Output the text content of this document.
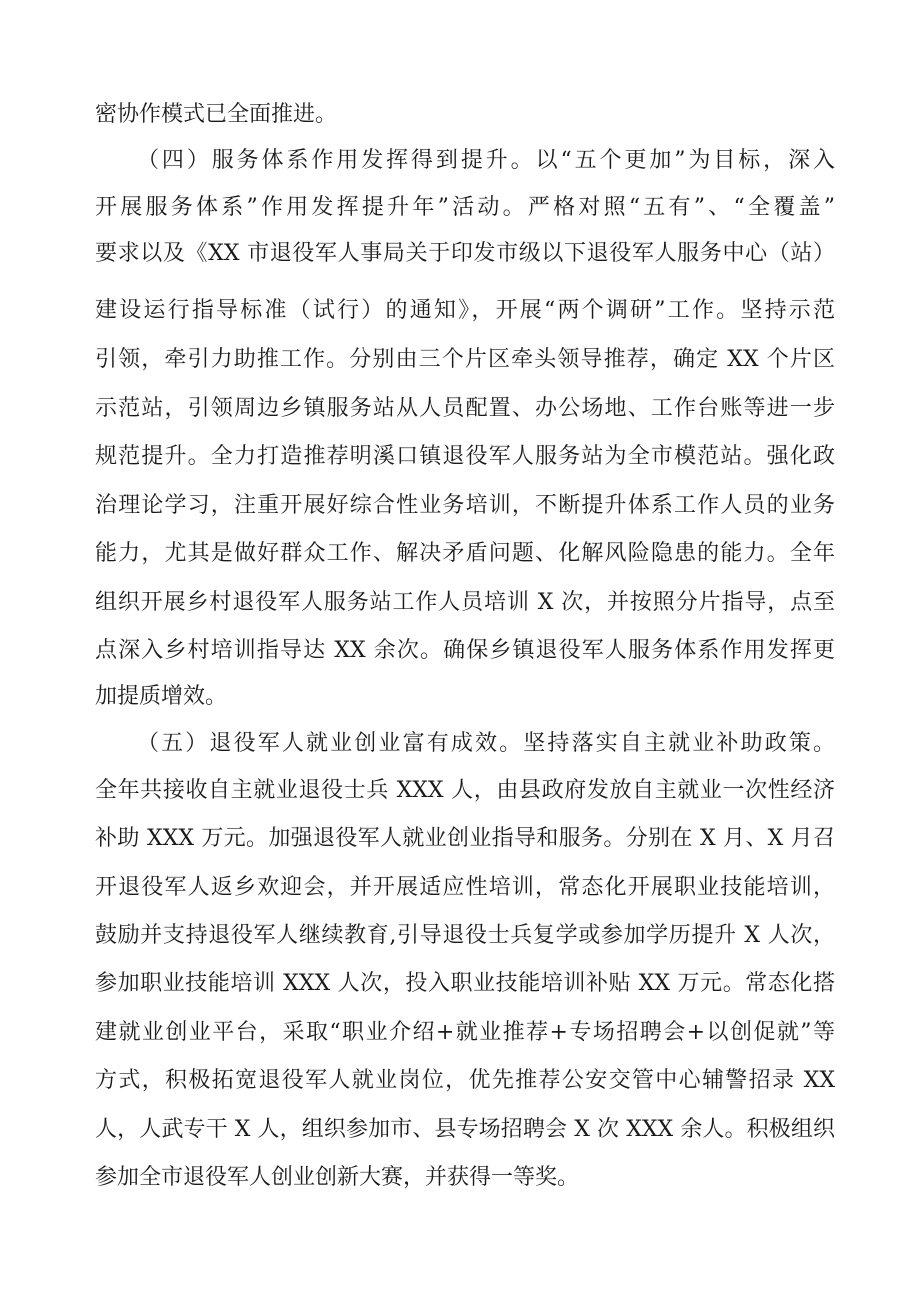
密协作模式已全面推进。
（四）服务体系作用发挥得到提升。以“五个更加”为目标，深入
开展服务体系”作用发挥提升年”活动。严格对照“五有”、“全覆盖”
要求以及《XX 市退役军人事局关于印发市级以下退役军人服务中心（站）
建设运行指导标准（试行）的通知》，开展“两个调研”工作。坚持示范
引领，牵引力助推工作。分别由三个片区牵头领导推荐，确定 XX 个片区
示范站，引领周边乡镇服务站从人员配置、办公场地、工作台账等进一步
规范提升。全力打造推荐明溪口镇退役军人服务站为全市模范站。强化政
治理论学习，注重开展好综合性业务培训，不断提升体系工作人员的业务
能力，尤其是做好群众工作、解决矛盾问题、化解风险隐患的能力。全年
组织开展乡村退役军人服务站工作人员培训 X 次，并按照分片指导，点至
点深入乡村培训指导达 XX 余次。确保乡镇退役军人服务体系作用发挥更
加提质增效。
（五）退役军人就业创业富有成效。坚持落实自主就业补助政策。
全年共接收自主就业退役士兵 XXX 人，由县政府发放自主就业一次性经济
补助 XXX 万元。加强退役军人就业创业指导和服务。分别在 X 月、X 月召
开退役军人返乡欢迎会，并开展适应性培训，常态化开展职业技能培训，
鼓励并支持退役军人继续教育,引导退役士兵复学或参加学历提升 X 人次，
参加职业技能培训 XXX 人次，投入职业技能培训补贴 XX 万元。常态化搭
建就业创业平台，采取“职业介绍+就业推荐+专场招聘会+以创促就”等
方式，积极拓宽退役军人就业岗位，优先推荐公安交管中心辅警招录 XX
人，人武专干 X 人，组织参加市、县专场招聘会 X 次 XXX 余人。积极组织
参加全市退役军人创业创新大赛，并获得一等奖。
